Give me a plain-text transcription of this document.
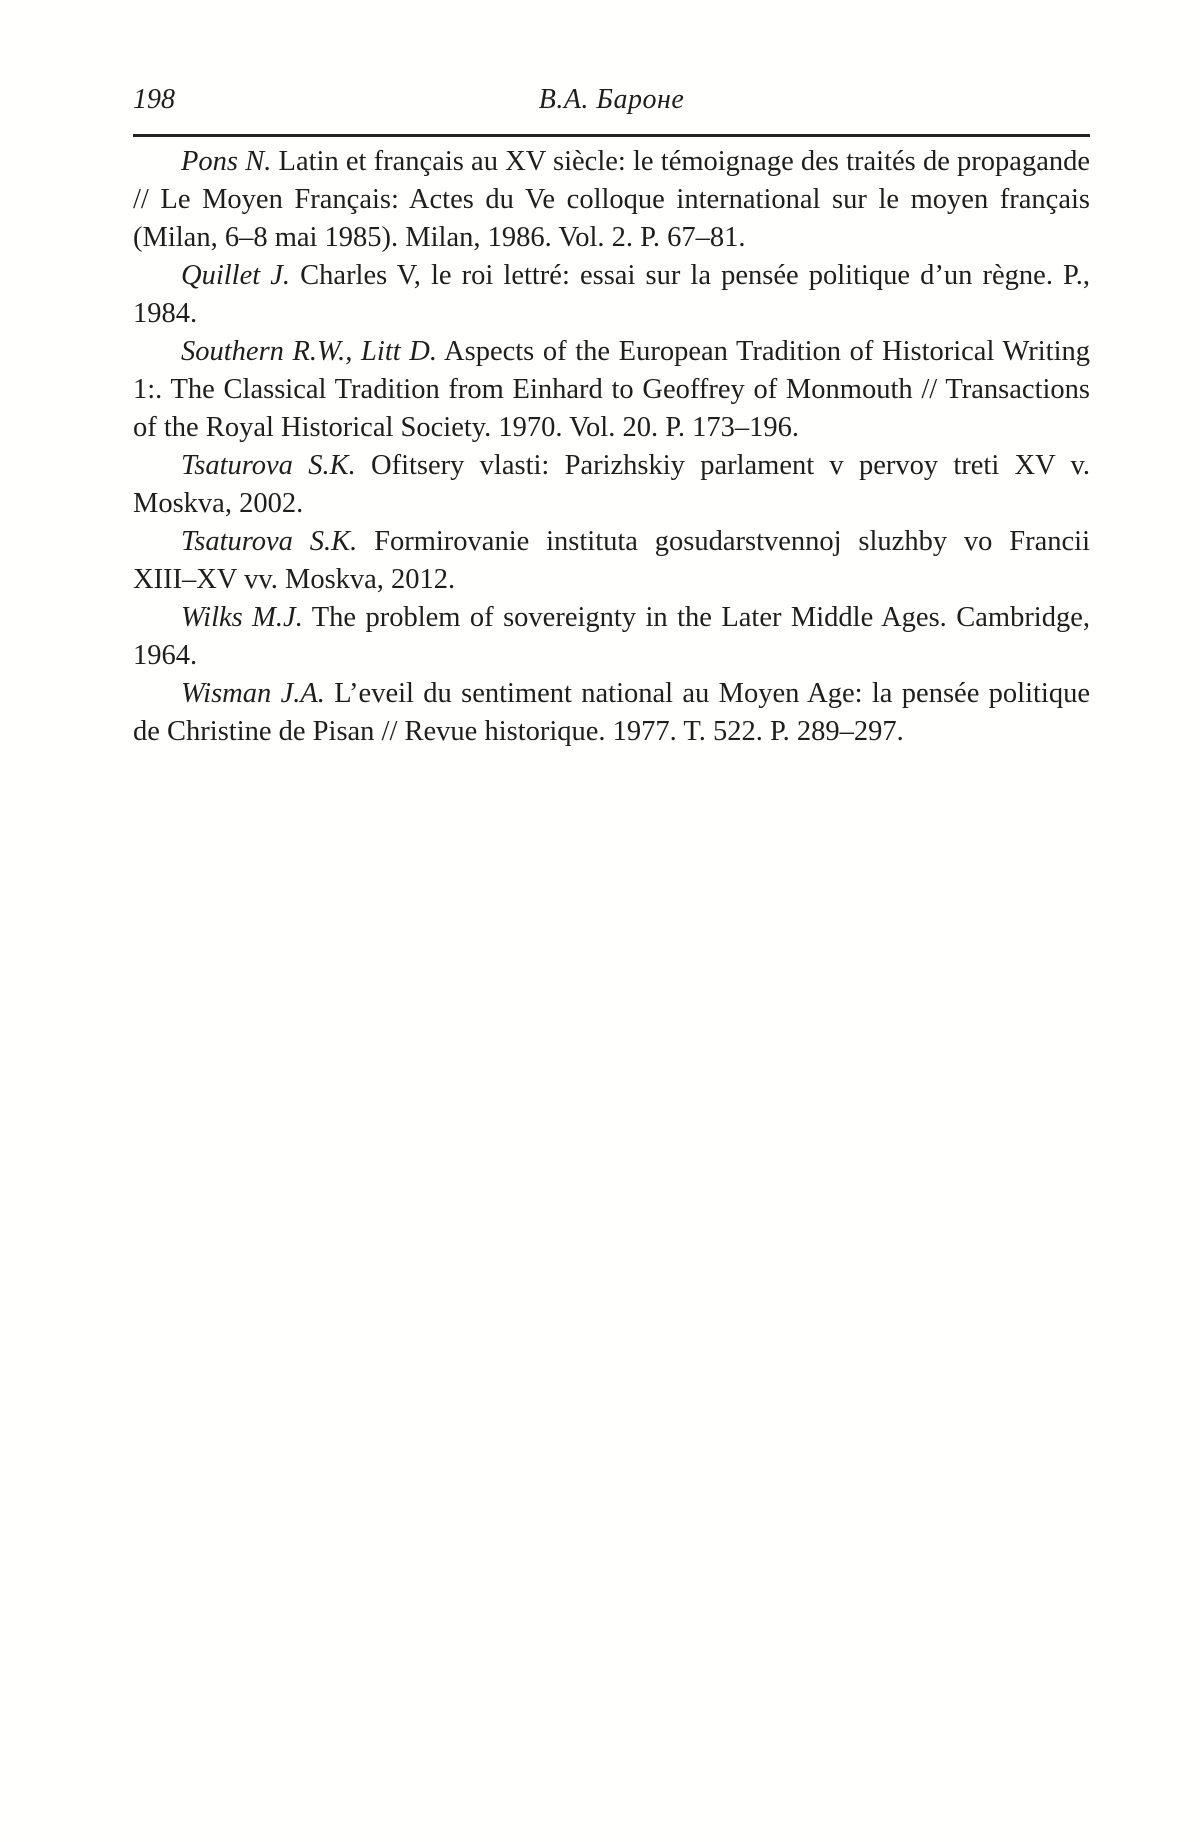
198	В.А. Бароне

Pons N. Latin et français au XV siècle: le témoignage des traités de propagande // Le Moyen Français: Actes du Ve colloque international sur le moyen français (Milan, 6–8 mai 1985). Milan, 1986. Vol. 2. P. 67–81.

Quillet J. Charles V, le roi lettré: essai sur la pensée politique d’un règne. P., 1984.

Southern R.W., Litt D. Aspects of the European Tradition of Historical Writing 1:. The Classical Tradition from Einhard to Geoffrey of Monmouth // Transactions of the Royal Historical Society. 1970. Vol. 20. P. 173–196.

Tsaturova S.K. Ofitsery vlasti: Parizhskiy parlament v pervoy treti XV v. Moskva, 2002.

Tsaturova S.K. Formirovanie instituta gosudarstvennoj sluzhby vo Francii XIII–XV vv. Moskva, 2012.

Wilks M.J. The problem of sovereignty in the Later Middle Ages. Cambridge, 1964.

Wisman J.A. L’eveil du sentiment national au Moyen Age: la pensée politique de Christine de Pisan // Revue historique. 1977. T. 522. P. 289–297.
